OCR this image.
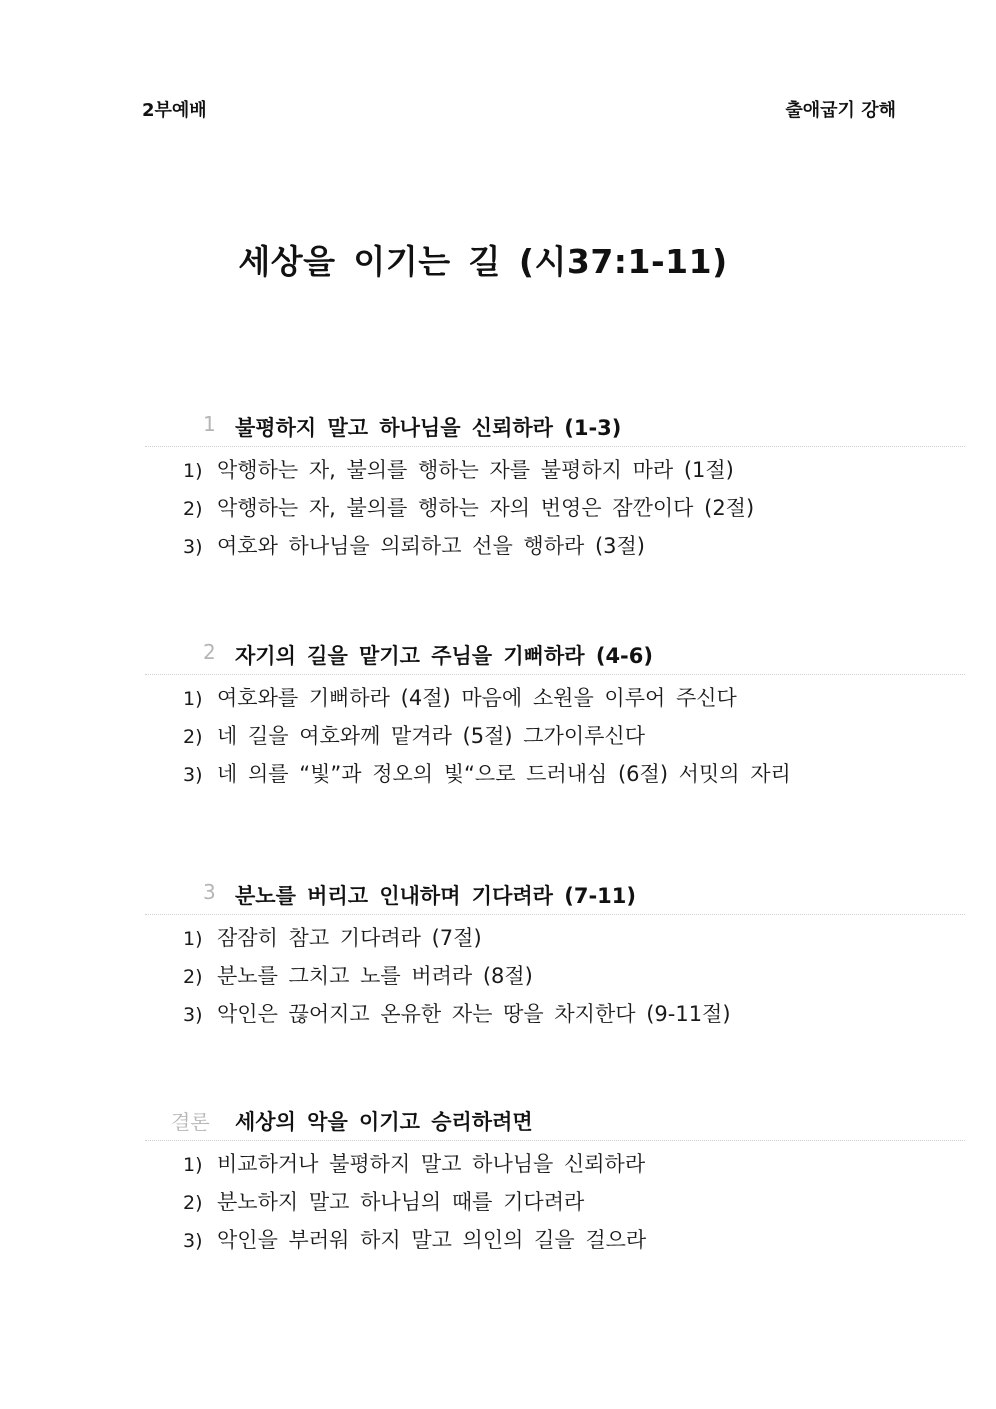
2부예배	출애굽기 강해
세상을 이기는 길 (시37:1-11)
1 불평하지 말고 하나님을 신뢰하라 (1-3)
1) 악행하는 자, 불의를 행하는 자를 불평하지 마라 (1절)
2) 악행하는 자, 불의를 행하는 자의 번영은 잠깐이다 (2절)
3) 여호와 하나님을 의뢰하고 선을 행하라 (3절)
2 자기의 길을 맡기고 주님을 기뻐하라 (4-6)
1) 여호와를 기뻐하라 (4절) 마음에 소원을 이루어 주신다
2) 네 길을 여호와께 맡겨라 (5절) 그가이루신다
3) 네 의를 “빛”과 정오의 빛“으로 드러내심 (6절) 서밋의 자리
3 분노를 버리고 인내하며 기다려라 (7-11)
1) 잠잠히 참고 기다려라 (7절)
2) 분노를 그치고 노를 버려라 (8절)
3) 악인은 끊어지고 온유한 자는 땅을 차지한다 (9-11절)
결론 세상의 악을 이기고 승리하려면
1) 비교하거나 불평하지 말고 하나님을 신뢰하라
2) 분노하지 말고 하나님의 때를 기다려라
3) 악인을 부러워 하지 말고 의인의 길을 걸으라
